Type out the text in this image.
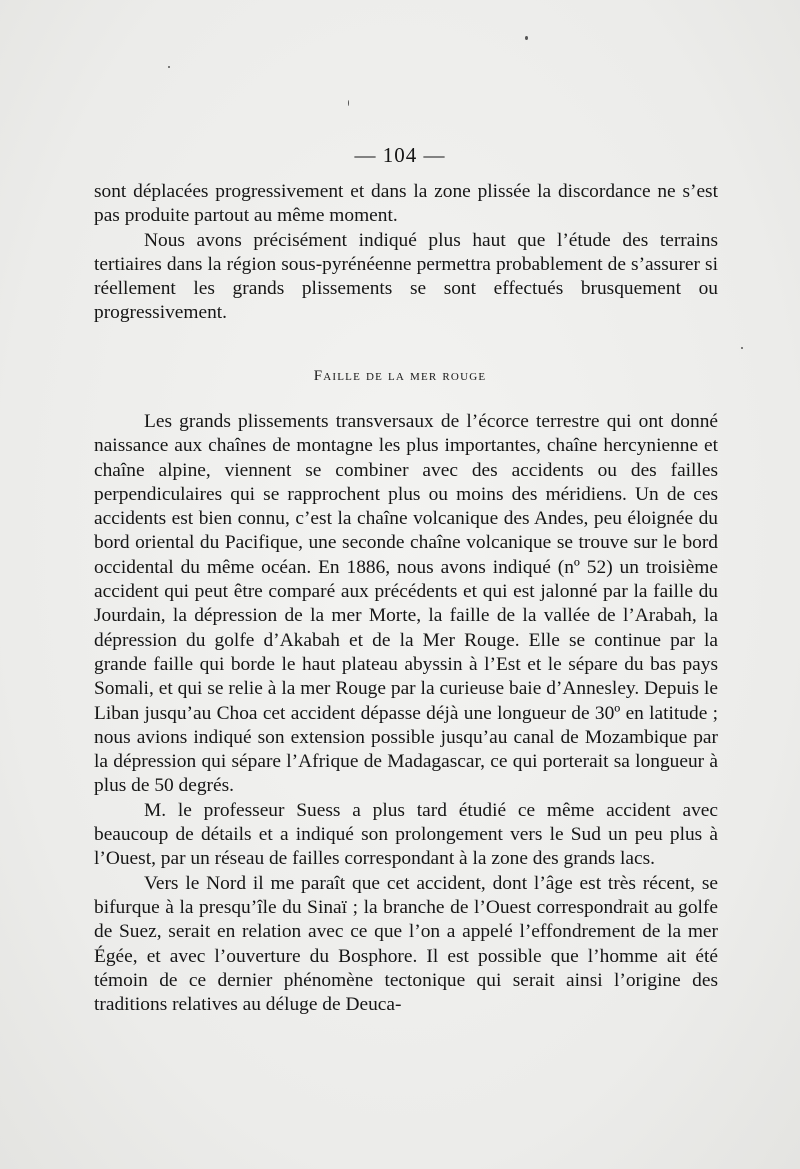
— 104 —

sont déplacées progressivement et dans la zone plissée la discordance ne s’est pas produite partout au même moment.

Nous avons précisément indiqué plus haut que l’étude des terrains tertiaires dans la région sous-pyrénéenne permettra probablement de s’assurer si réellement les grands plissements se sont effectués brusquement ou progressivement.

Faille de la mer rouge

Les grands plissements transversaux de l’écorce terrestre qui ont donné naissance aux chaînes de montagne les plus importantes, chaîne hercynienne et chaîne alpine, viennent se combiner avec des accidents ou des failles perpendiculaires qui se rapprochent plus ou moins des méridiens. Un de ces accidents est bien connu, c’est la chaîne volcanique des Andes, peu éloignée du bord oriental du Pacifique, une seconde chaîne volcanique se trouve sur le bord occidental du même océan. En 1886, nous avons indiqué (nº 52) un troisième accident qui peut être comparé aux précédents et qui est jalonné par la faille du Jourdain, la dépression de la mer Morte, la faille de la vallée de l’Arabah, la dépression du golfe d’Akabah et de la Mer Rouge. Elle se continue par la grande faille qui borde le haut plateau abyssin à l’Est et le sépare du bas pays Somali, et qui se relie à la mer Rouge par la curieuse baie d’Annesley. Depuis le Liban jusqu’au Choa cet accident dépasse déjà une longueur de 30º en latitude ; nous avions indiqué son extension possible jusqu’au canal de Mozambique par la dépression qui sépare l’Afrique de Madagascar, ce qui porterait sa longueur à plus de 50 degrés.

M. le professeur Suess a plus tard étudié ce même accident avec beaucoup de détails et a indiqué son prolongement vers le Sud un peu plus à l’Ouest, par un réseau de failles correspondant à la zone des grands lacs.

Vers le Nord il me paraît que cet accident, dont l’âge est très récent, se bifurque à la presqu’île du Sinaï ; la branche de l’Ouest correspondrait au golfe de Suez, serait en relation avec ce que l’on a appelé l’effondrement de la mer Égée, et avec l’ouverture du Bosphore. Il est possible que l’homme ait été témoin de ce dernier phénomène tectonique qui serait ainsi l’origine des traditions relatives au déluge de Deuca-
